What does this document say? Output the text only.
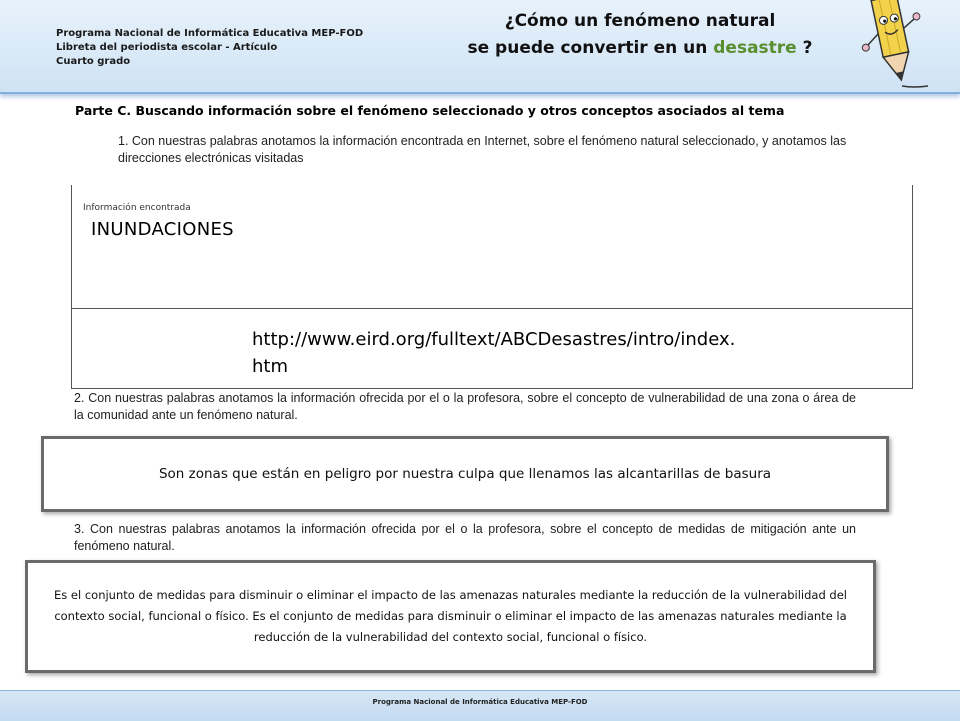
Programa Nacional de Informática Educativa MEP-FOD
Libreta del periodista escolar - Artículo
Cuarto grado
¿Cómo un fenómeno natural
se puede convertir en un desastre ?
Parte C. Buscando información sobre el fenómeno seleccionado y otros conceptos asociados al tema
1. Con nuestras palabras anotamos la información encontrada en Internet, sobre el fenómeno natural seleccionado, y anotamos las direcciones electrónicas visitadas
Información encontrada
INUNDACIONES
http://www.eird.org/fulltext/ABCDesastres/intro/index.htm
2. Con nuestras palabras anotamos la información ofrecida por el o la profesora, sobre el concepto de vulnerabilidad de una zona o área de la comunidad ante un fenómeno natural.
Son zonas que están en peligro por nuestra culpa que llenamos las alcantarillas de basura
3. Con nuestras palabras anotamos la información ofrecida por el o la profesora, sobre el concepto de medidas de mitigación ante un fenómeno natural.
Es el conjunto de medidas para disminuir o eliminar el impacto de las amenazas naturales mediante la reducción de la vulnerabilidad del contexto social, funcional o físico. Es el conjunto de medidas para disminuir o eliminar el impacto de las amenazas naturales mediante la reducción de la vulnerabilidad del contexto social, funcional o físico.
Programa Nacional de Informática Educativa MEP-FOD
